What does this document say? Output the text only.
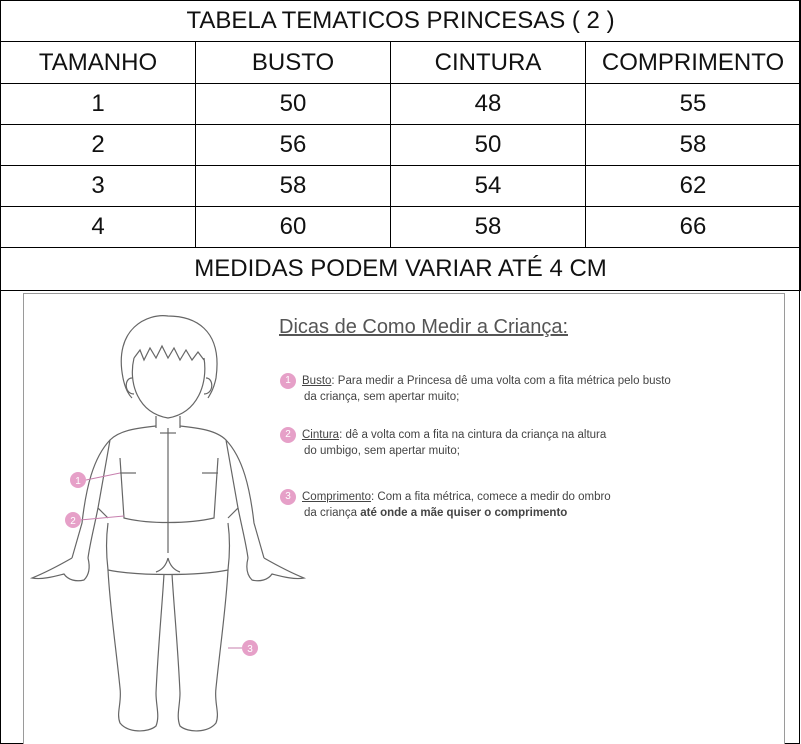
TABELA TEMATICOS PRINCESAS ( 2 )			
TAMANHO	BUSTO	CINTURA	COMPRIMENTO
1	50	48	55
2	56	50	58
3	58	54	62
4	60	58	66
MEDIDAS PODEM VARIAR ATÉ 4 CM			
1
2
3
Dicas de Como Medir a Criança:
1 Busto: Para medir a Princesa dê uma volta com a fita métrica pelo busto
da criança, sem apertar muito;
2 Cintura: dê a volta com a fita na cintura da criança na altura
do umbigo, sem apertar muito;
3 Comprimento: Com a fita métrica, comece a medir do ombro
da criança até onde a mãe quiser o comprimento
